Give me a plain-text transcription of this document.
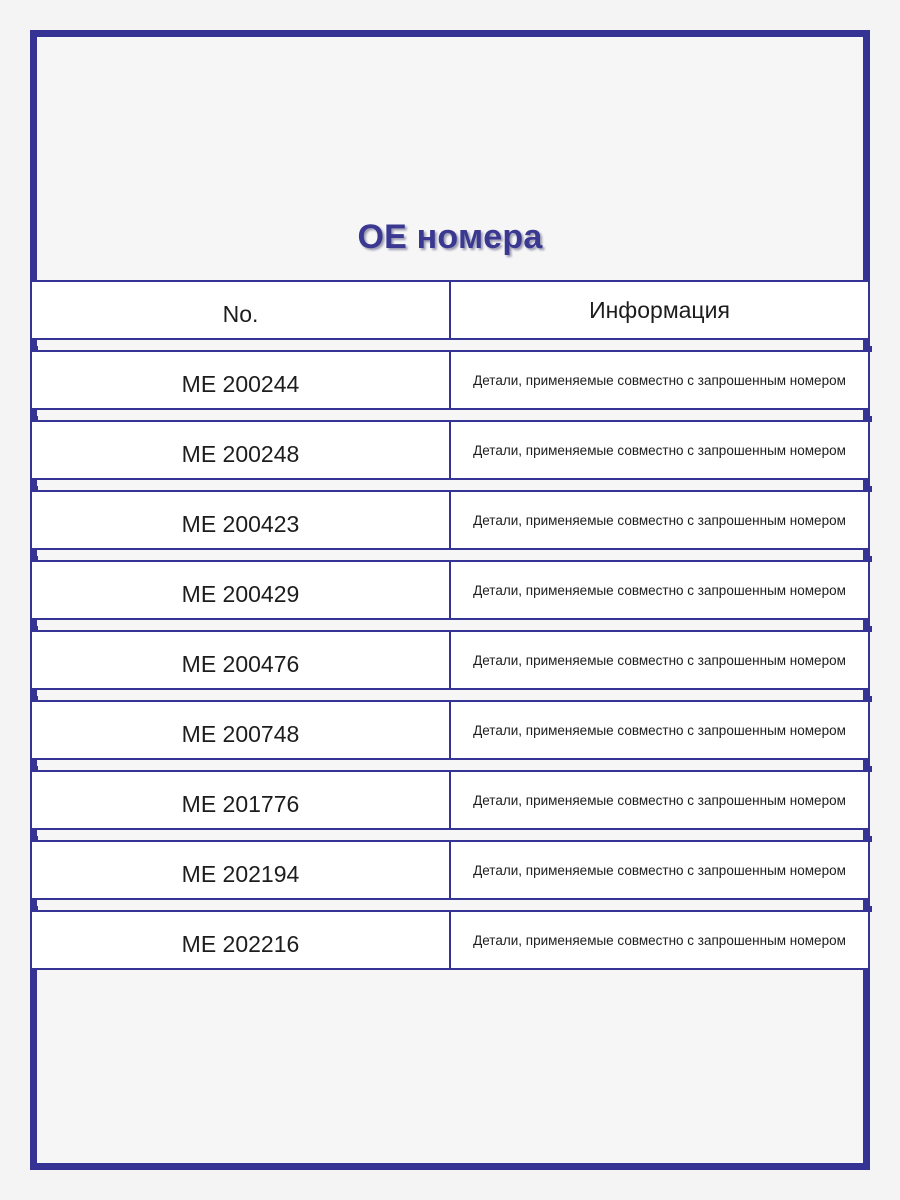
OE номера
No.	Информация
ME 200244	Детали, применяемые совместно с запрошенным номером
ME 200248	Детали, применяемые совместно с запрошенным номером
ME 200423	Детали, применяемые совместно с запрошенным номером
ME 200429	Детали, применяемые совместно с запрошенным номером
ME 200476	Детали, применяемые совместно с запрошенным номером
ME 200748	Детали, применяемые совместно с запрошенным номером
ME 201776	Детали, применяемые совместно с запрошенным номером
ME 202194	Детали, применяемые совместно с запрошенным номером
ME 202216	Детали, применяемые совместно с запрошенным номером
